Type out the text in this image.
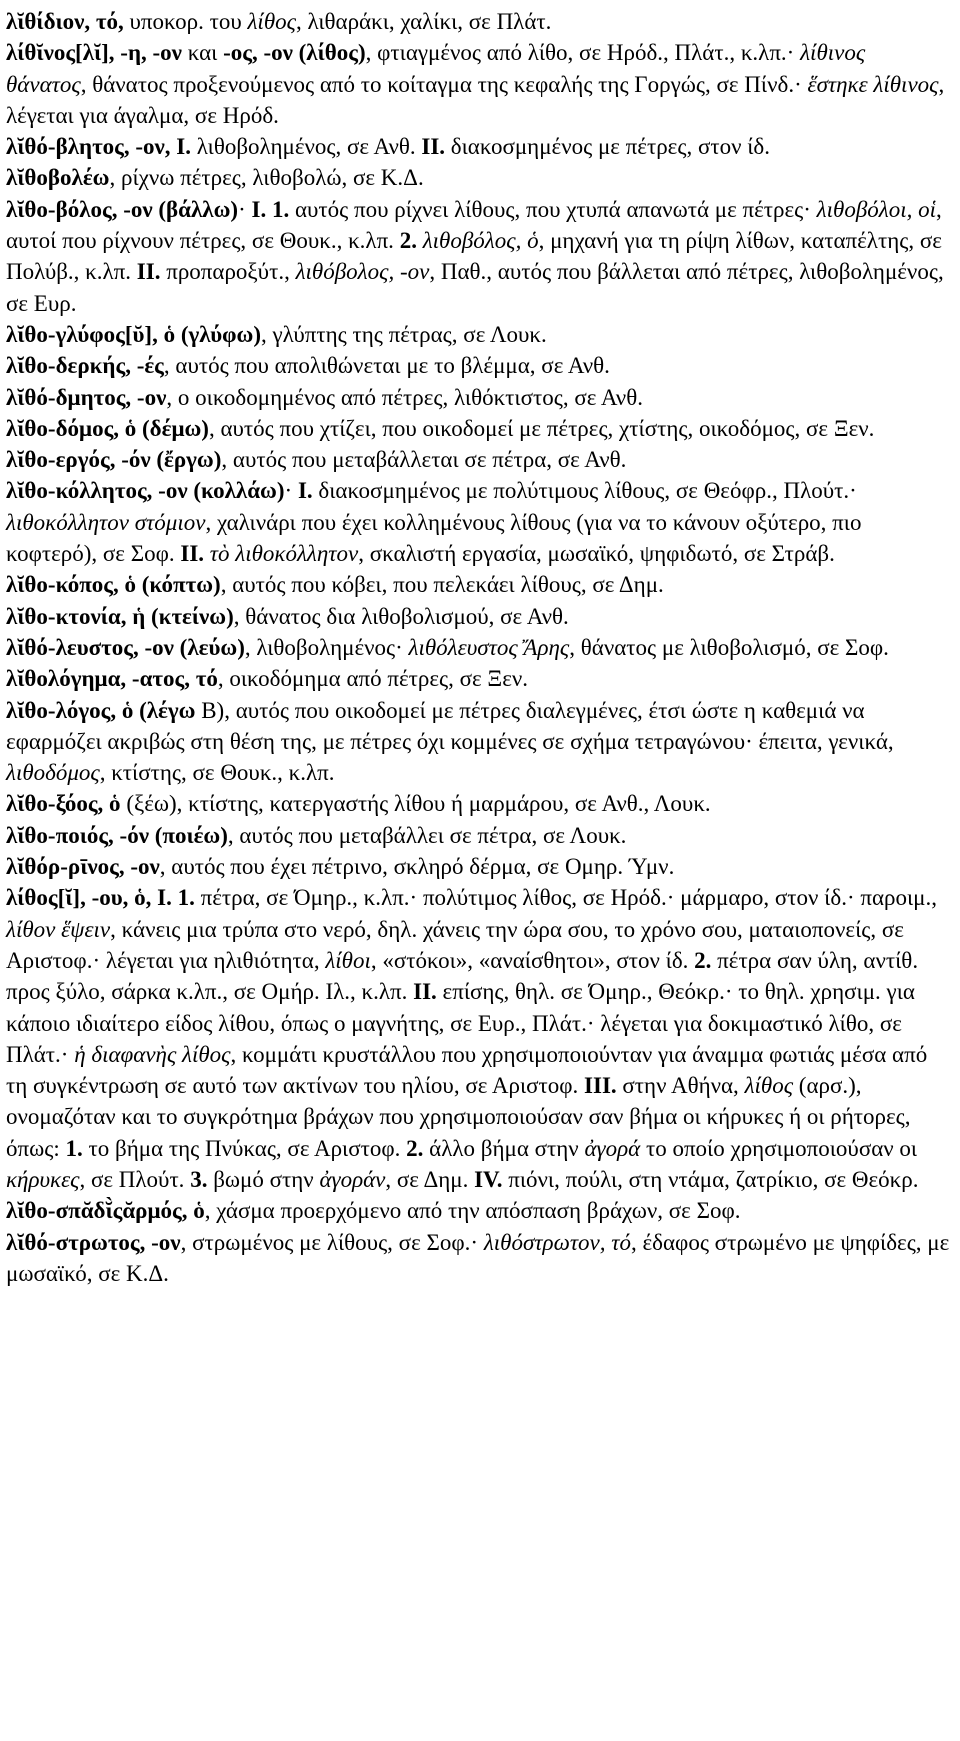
λῐθίδιον, τό, υποκορ. του λίθος, λιθαράκι, χαλίκι, σε Πλάτ.

λίθῐνος[λῐ], -η, -ον και -ος, -ον (λίθος), φτιαγμένος από λίθο, σε Ηρόδ., Πλάτ., κ.λπ.· λίθινος θάνατος, θάνατος προξενούμενος από το κοίταγμα της κεφαλής της Γοργώς, σε Πίνδ.· ἕστηκε λίθινος, λέγεται για άγαλμα, σε Ηρόδ.

λῐθό-βλητος, -ον, Ι. λιθοβολημένος, σε Ανθ. ΙΙ. διακοσμημένος με πέτρες, στον ίδ.

λῐθοβολέω, ρίχνω πέτρες, λιθοβολώ, σε Κ.Δ.

λῐθο-βόλος, -ον (βάλλω)· Ι. 1. αυτός που ρίχνει λίθους, που χτυπά απανωτά με πέτρες· λιθοβόλοι, οἱ, αυτοί που ρίχνουν πέτρες, σε Θουκ., κ.λπ. 2. λιθοβόλος, ὁ, μηχανή για τη ρίψη λίθων, καταπέλτης, σε Πολύβ., κ.λπ. ΙΙ. προπαροξύτ., λιθόβολος, -ον, Παθ., αυτός που βάλλεται από πέτρες, λιθοβολημένος, σε Ευρ.

λῐθο-γλύφος[ῠ], ὁ (γλύφω), γλύπτης της πέτρας, σε Λουκ.

λῐθο-δερκής, -ές, αυτός που απολιθώνεται με το βλέμμα, σε Ανθ.

λῐθό-δμητος, -ον, ο οικοδομημένος από πέτρες, λιθόκτιστος, σε Ανθ.

λῐθο-δόμος, ὁ (δέμω), αυτός που χτίζει, που οικοδομεί με πέτρες, χτίστης, οικοδόμος, σε Ξεν.

λῐθο-εργός, -όν (ἔργω), αυτός που μεταβάλλεται σε πέτρα, σε Ανθ.

λῐθο-κόλλητος, -ον (κολλάω)· Ι. διακοσμημένος με πολύτιμους λίθους, σε Θεόφρ., Πλούτ.· λιθοκόλλητον στόμιον, χαλινάρι που έχει κολλημένους λίθους (για να το κάνουν οξύτερο, πιο κοφτερό), σε Σοφ. ΙΙ. τὸ λιθοκόλλητον, σκαλιστή εργασία, μωσαϊκό, ψηφιδωτό, σε Στράβ.

λῐθο-κόπος, ὁ (κόπτω), αυτός που κόβει, που πελεκάει λίθους, σε Δημ.

λῐθο-κτονία, ἡ (κτείνω), θάνατος δια λιθοβολισμού, σε Ανθ.

λῐθό-λευστος, -ον (λεύω), λιθοβολημένος· λιθόλευστος Ἄρης, θάνατος με λιθοβολισμό, σε Σοφ.

λῐθολόγημα, -ατος, τό, οικοδόμημα από πέτρες, σε Ξεν.

λῐθο-λόγος, ὁ (λέγω Β), αυτός που οικοδομεί με πέτρες διαλεγμένες, έτσι ώστε η καθεμιά να εφαρμόζει ακριβώς στη θέση της, με πέτρες όχι κομμένες σε σχήμα τετραγώνου· έπειτα, γενικά, λιθοδόμος, κτίστης, σε Θουκ., κ.λπ.

λῐθο-ξόος, ὁ (ξέω), κτίστης, κατεργαστής λίθου ή μαρμάρου, σε Ανθ., Λουκ.

λῐθο-ποιός, -όν (ποιέω), αυτός που μεταβάλλει σε πέτρα, σε Λουκ.

λῐθόρ-ρῑνος, -ον, αυτός που έχει πέτρινο, σκληρό δέρμα, σε Ομηρ. Ύμν.

λίθος[ῐ], -ου, ὁ, Ι. 1. πέτρα, σε Όμηρ., κ.λπ.· πολύτιμος λίθος, σε Ηρόδ.· μάρμαρο, στον ίδ.· παροιμ., λίθον ἕψειν, κάνεις μια τρύπα στο νερό, δηλ. χάνεις την ώρα σου, το χρόνο σου, ματαιοπονείς, σε Αριστοφ.· λέγεται για ηλιθιότητα, λίθοι, «στόκοι», «αναίσθητοι», στον ίδ. 2. πέτρα σαν ύλη, αντίθ. προς ξύλο, σάρκα κ.λπ., σε Ομήρ. Ιλ., κ.λπ. ΙΙ. επίσης, θηλ. σε Όμηρ., Θεόκρ.· το θηλ. χρησιμ. για κάποιο ιδιαίτερο είδος λίθου, όπως ο μαγνήτης, σε Ευρ., Πλάτ.· λέγεται για δοκιμαστικό λίθο, σε Πλάτ.· ἡ διαφανὴς λίθος, κομμάτι κρυστάλλου που χρησιμοποιούνταν για άναμμα φωτιάς μέσα από τη συγκέντρωση σε αυτό των ακτίνων του ηλίου, σε Αριστοφ. ΙΙΙ. στην Αθήνα, λίθος (αρσ.), ονομαζόταν και το συγκρότημα βράχων που χρησιμοποιούσαν σαν βήμα οι κήρυκες ή οι ρήτορες, όπως: 1. το βήμα της Πνύκας, σε Αριστοφ. 2. άλλο βήμα στην ἀγορά το οποίο χρησιμοποιούσαν οι κήρυκες, σε Πλούτ. 3. βωμό στην ἀγοράν, σε Δημ. IV. πιόνι, πούλι, στη ντάμα, ζατρίκιο, σε Θεόκρ.

λῐθο-σπᾰδῐ̀ςᾰρμός, ὁ, χάσμα προερχόμενο από την απόσπαση βράχων, σε Σοφ.

λῐθό-στρωτος, -ον, στρωμένος με λίθους, σε Σοφ.· λιθόστρωτον, τό, έδαφος στρωμένο με ψηφίδες, με μωσαϊκό, σε Κ.Δ.
